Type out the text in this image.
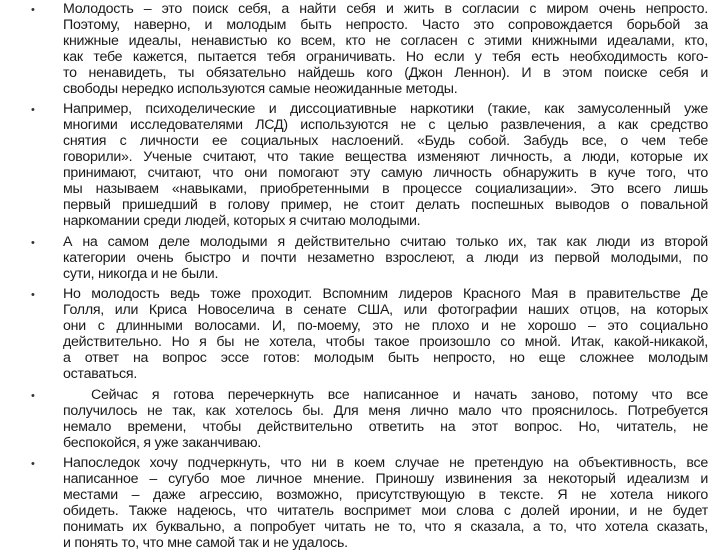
• Молодость – это поиск себя, а найти себя и жить в согласии с миром очень непросто.
Поэтому, наверно, и молодым быть непросто. Часто это сопровождается борьбой за
книжные идеалы, ненавистью ко всем, кто не согласен с этими книжными идеалами, кто,
как тебе кажется, пытается тебя ограничивать. Но если у тебя есть необходимость кого-
то ненавидеть, ты обязательно найдешь кого (Джон Леннон). И в этом поиске себя и
свободы нередко используются самые неожиданные методы.
• Например, психоделические и диссоциативные наркотики (такие, как замусоленный уже
многими исследователями ЛСД) используются не с целью развлечения, а как средство
снятия с личности ее социальных наслоений. «Будь собой. Забудь все, о чем тебе
говорили». Ученые считают, что такие вещества изменяют личность, а люди, которые их
принимают, считают, что они помогают эту самую личность обнаружить в куче того, что
мы называем «навыками, приобретенными в процессе социализации». Это всего лишь
первый пришедший в голову пример, не стоит делать поспешных выводов о повальной
наркомании среди людей, которых я считаю молодыми.
• А на самом деле молодыми я действительно считаю только их, так как люди из второй
категории очень быстро и почти незаметно взрослеют, а люди из первой молодыми, по
сути, никогда и не были.
• Но молодость ведь тоже проходит. Вспомним лидеров Красного Мая в правительстве Де
Голля, или Криса Новоселича в сенате США, или фотографии наших отцов, на которых
они с длинными волосами. И, по-моему, это не плохо и не хорошо – это социально
действительно. Но я бы не хотела, чтобы такое произошло со мной. Итак, какой-никакой,
а ответ на вопрос эссе готов: молодым быть непросто, но еще сложнее молодым
оставаться.
• Сейчас я готова перечеркнуть все написанное и начать заново, потому что все
получилось не так, как хотелось бы. Для меня лично мало что прояснилось. Потребуется
немало времени, чтобы действительно ответить на этот вопрос. Но, читатель, не
беспокойся, я уже заканчиваю.
• Напоследок хочу подчеркнуть, что ни в коем случае не претендую на объективность, все
написанное – сугубо мое личное мнение. Приношу извинения за некоторый идеализм и
местами – даже агрессию, возможно, присутствующую в тексте. Я не хотела никого
обидеть. Также надеюсь, что читатель воспримет мои слова с долей иронии, и не будет
понимать их буквально, а попробует читать не то, что я сказала, а то, что хотела сказать,
и понять то, что мне самой так и не удалось.
